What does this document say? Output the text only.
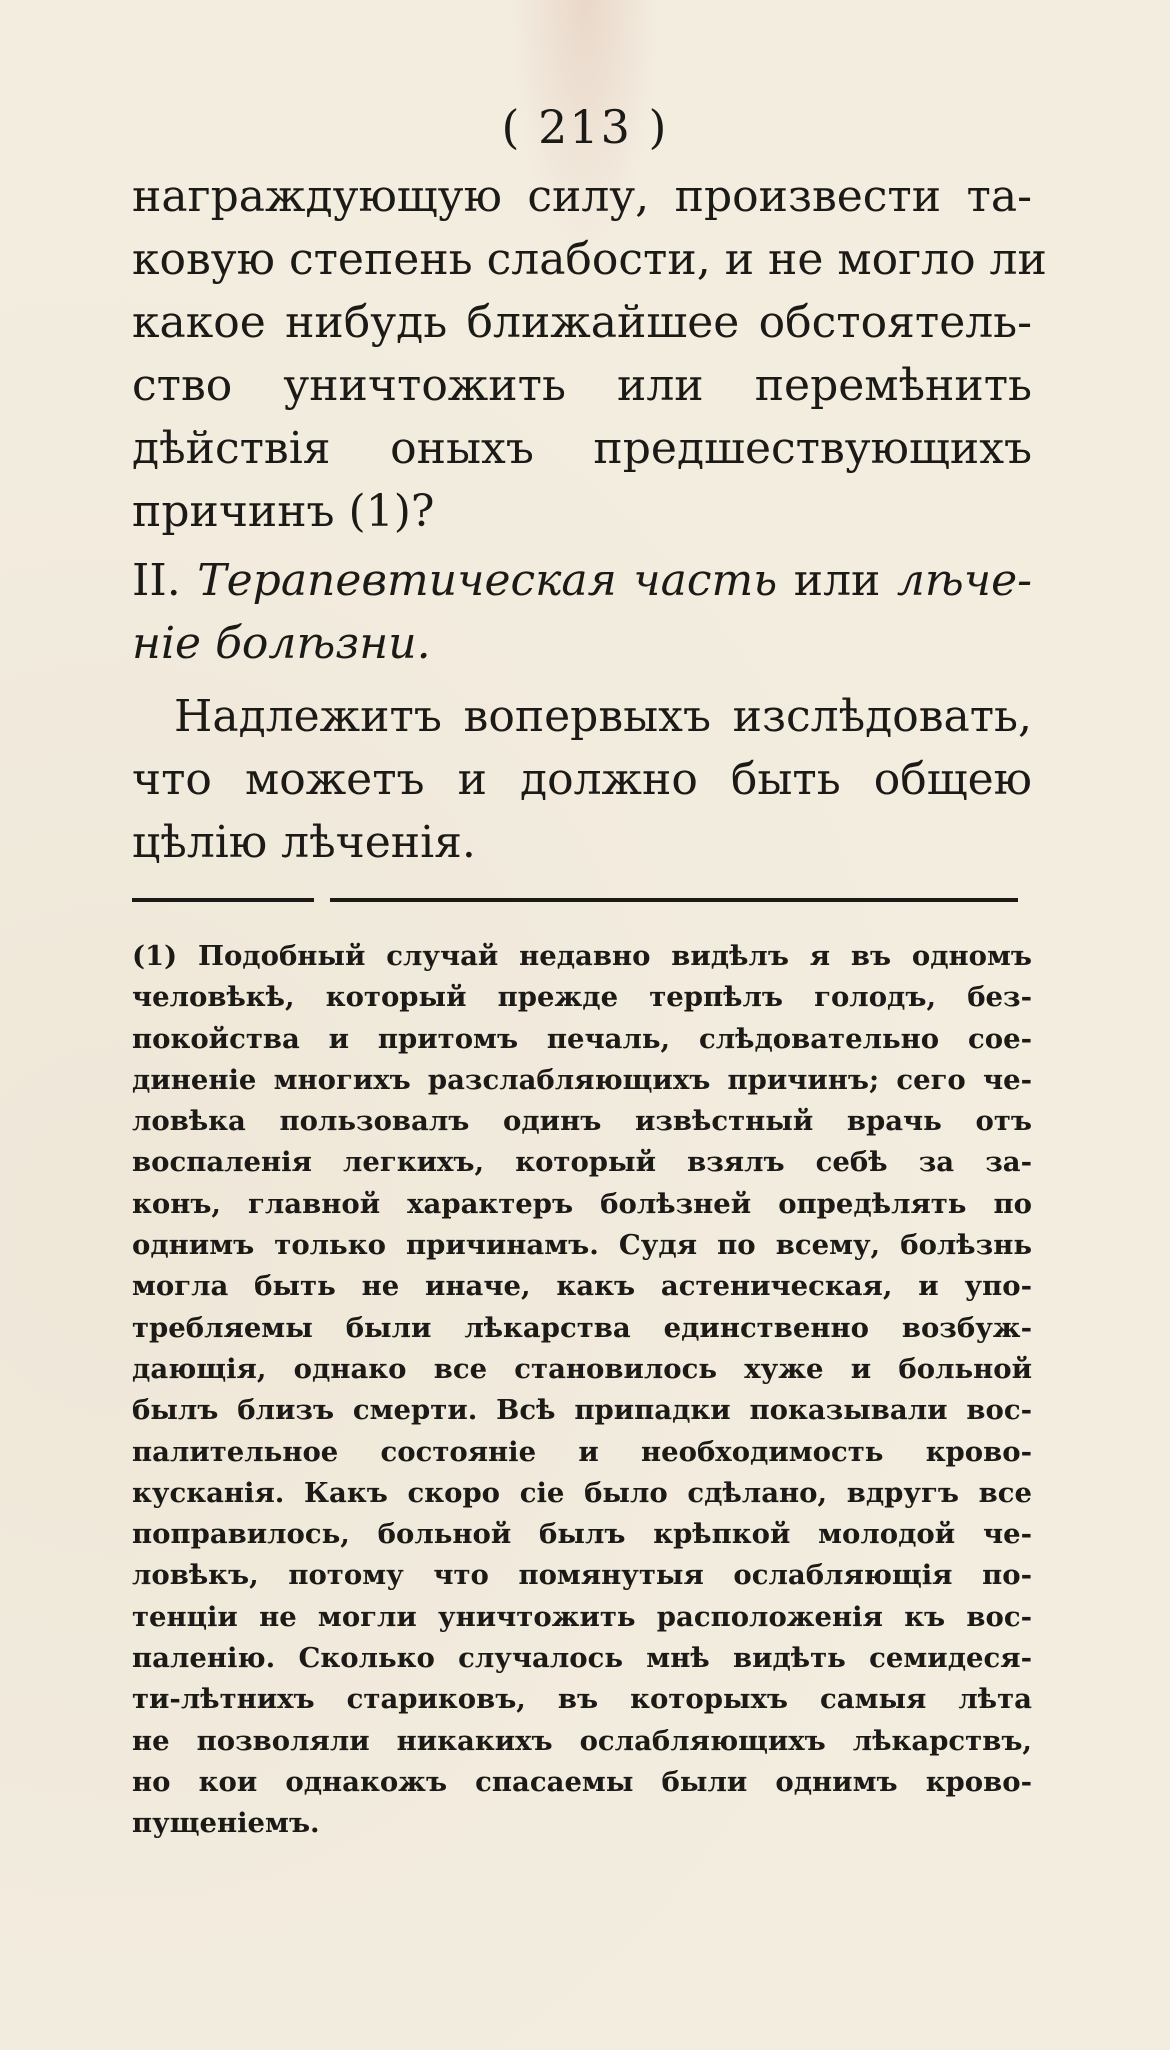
( 213 )
награждующую силу, произвести та-
ковую степень слабости, и не могло ли
какое нибудь ближайшее обстоятель-
ство уничтожить или перемѣнить
дѣйствiя оныхъ предшествующихъ
причинъ (1)?
II. Терапевтическая часть или лѣче-
нiе болѣзни.
Надлежитъ вопервыхъ изслѣдовать,
что можетъ и должно быть общею
цѣлiю лѣченiя.
(1) Подобный случай недавно видѣлъ я въ одномъ
человѣкѣ, который прежде терпѣлъ голодъ, без-
покойства и притомъ печаль, слѣдовательно сое-
диненiе многихъ разслабляющихъ причинъ; сего че-
ловѣка пользовалъ одинъ извѣстный врачь отъ
воспаленiя легкихъ, который взялъ себѣ за за-
конъ, главной характеръ болѣзней опредѣлять по
однимъ только причинамъ. Судя по всему, болѣзнь
могла быть не иначе, какъ астеническая, и упо-
требляемы были лѣкарства единственно возбуж-
дающiя, однако все становилось хуже и больной
былъ близъ смерти. Всѣ припадки показывали вос-
палительное состоянiе и необходимость крово-
кусканiя. Какъ скоро сiе было сдѣлано, вдругъ все
поправилось, больной былъ крѣпкой молодой че-
ловѣкъ, потому что помянутыя ослабляющiя по-
тенцiи не могли уничтожить расположенiя къ вос-
паленiю. Сколько случалось мнѣ видѣть семидеся-
ти-лѣтнихъ стариковъ, въ которыхъ самыя лѣта
не позволяли никакихъ ослабляющихъ лѣкарствъ,
но кои однакожъ спасаемы были однимъ крово-
пущенiемъ.
